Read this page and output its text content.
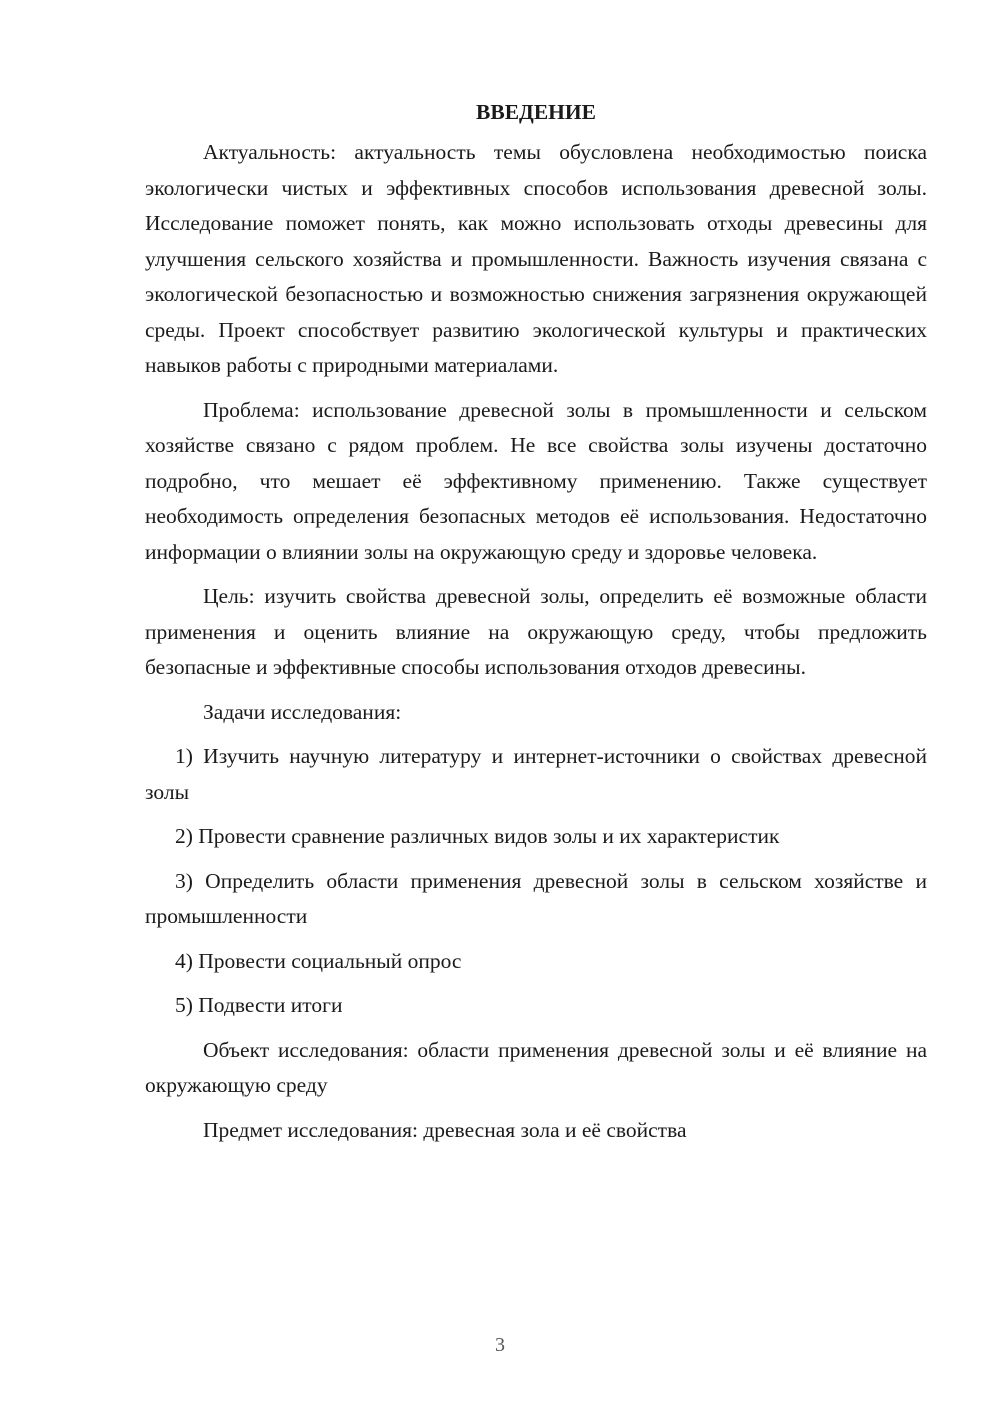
ВВЕДЕНИЕ

Актуальность: актуальность темы обусловлена необходимостью поиска экологически чистых и эффективных способов использования древесной золы. Исследование поможет понять, как можно использовать отходы древесины для улучшения сельского хозяйства и промышленности. Важность изучения связана с экологической безопасностью и возможностью снижения загрязнения окружающей среды. Проект способствует развитию экологической культуры и практических навыков работы с природными материалами.

Проблема: использование древесной золы в промышленности и сельском хозяйстве связано с рядом проблем. Не все свойства золы изучены достаточно подробно, что мешает её эффективному применению. Также существует необходимость определения безопасных методов её использования. Недостаточно информации о влиянии золы на окружающую среду и здоровье человека.

Цель: изучить свойства древесной золы, определить её возможные области применения и оценить влияние на окружающую среду, чтобы предложить безопасные и эффективные способы использования отходов древесины.

Задачи исследования:

1) Изучить научную литературу и интернет-источники о свойствах древесной золы

2) Провести сравнение различных видов золы и их характеристик

3) Определить области применения древесной золы в сельском хозяйстве и промышленности

4) Провести социальный опрос

5) Подвести итоги

Объект исследования: области применения древесной золы и её влияние на окружающую среду

Предмет исследования: древесная зола и её свойства

3
